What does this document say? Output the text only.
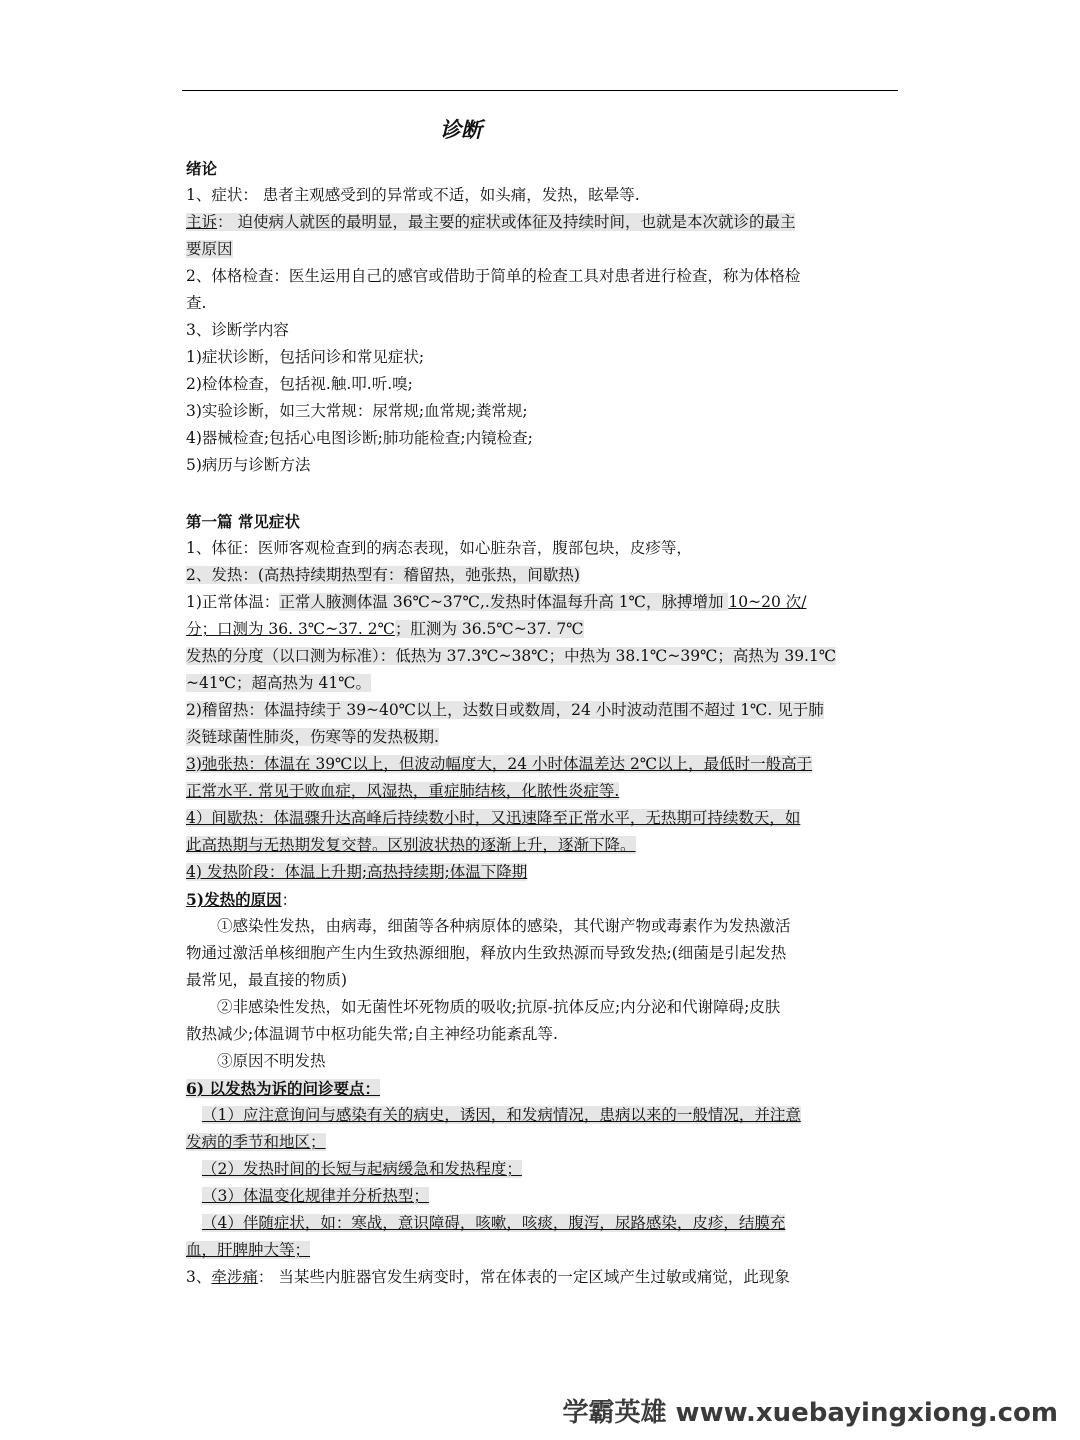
诊断
绪论
1、症状： 患者主观感受到的异常或不适，如头痛，发热，眩晕等.
主诉： 迫使病人就医的最明显，最主要的症状或体征及持续时间，也就是本次就诊的最主
要原因
2、体格检查：医生运用自己的感官或借助于简单的检查工具对患者进行检查，称为体格检
查.
3、诊断学内容
1)症状诊断，包括问诊和常见症状;
2)检体检查，包括视.触.叩.听.嗅;
3)实验诊断，如三大常规：尿常规;血常规;粪常规;
4)器械检查;包括心电图诊断;肺功能检查;内镜检查;
5)病历与诊断方法
第一篇 常见症状
1、体征：医师客观检查到的病态表现，如心脏杂音，腹部包块，皮疹等，
2、发热：(高热持续期热型有：稽留热，弛张热，间歇热)
1)正常体温：正常人腋测体温 36℃~37℃,.发热时体温每升高 1℃，脉搏增加 10~20 次/
分；口测为 36. 3℃~37. 2℃；肛测为 36.5℃~37. 7℃
发热的分度（以口测为标准）：低热为 37.3℃~38℃；中热为 38.1℃~39℃；高热为 39.1℃
~41℃；超高热为 41℃。
2)稽留热：体温持续于 39~40℃以上，达数日或数周，24 小时波动范围不超过 1℃. 见于肺
炎链球菌性肺炎，伤寒等的发热极期.
3)弛张热：体温在 39℃以上，但波动幅度大，24 小时体温差达 2℃以上，最低时一般高于
正常水平. 常见于败血症，风湿热，重症肺结核，化脓性炎症等.
4）间歇热：体温骤升达高峰后持续数小时，又迅速降至正常水平，无热期可持续数天，如
此高热期与无热期发复交替。区别波状热的逐渐上升，逐渐下降。
4) 发热阶段：体温上升期;高热持续期;体温下降期
5)发热的原因：
①感染性发热，由病毒，细菌等各种病原体的感染，其代谢产物或毒素作为发热激活
物通过激活单核细胞产生内生致热源细胞，释放内生致热源而导致发热;(细菌是引起发热
最常见，最直接的物质)
②非感染性发热，如无菌性坏死物质的吸收;抗原-抗体反应;内分泌和代谢障碍;皮肤
散热减少;体温调节中枢功能失常;自主神经功能紊乱等.
③原因不明发热
6) 以发热为诉的问诊要点：
（1）应注意询问与感染有关的病史，诱因，和发病情况，患病以来的一般情况，并注意
发病的季节和地区；
（2）发热时间的长短与起病缓急和发热程度；
（3）体温变化规律并分析热型；
（4）伴随症状，如：寒战，意识障碍，咳嗽，咳痰，腹泻，尿路感染，皮疹，结膜充
血，肝脾肿大等；
3、牵涉痛： 当某些内脏器官发生病变时，常在体表的一定区域产生过敏或痛觉，此现象
学霸英雄 www.xuebayingxiong.com
